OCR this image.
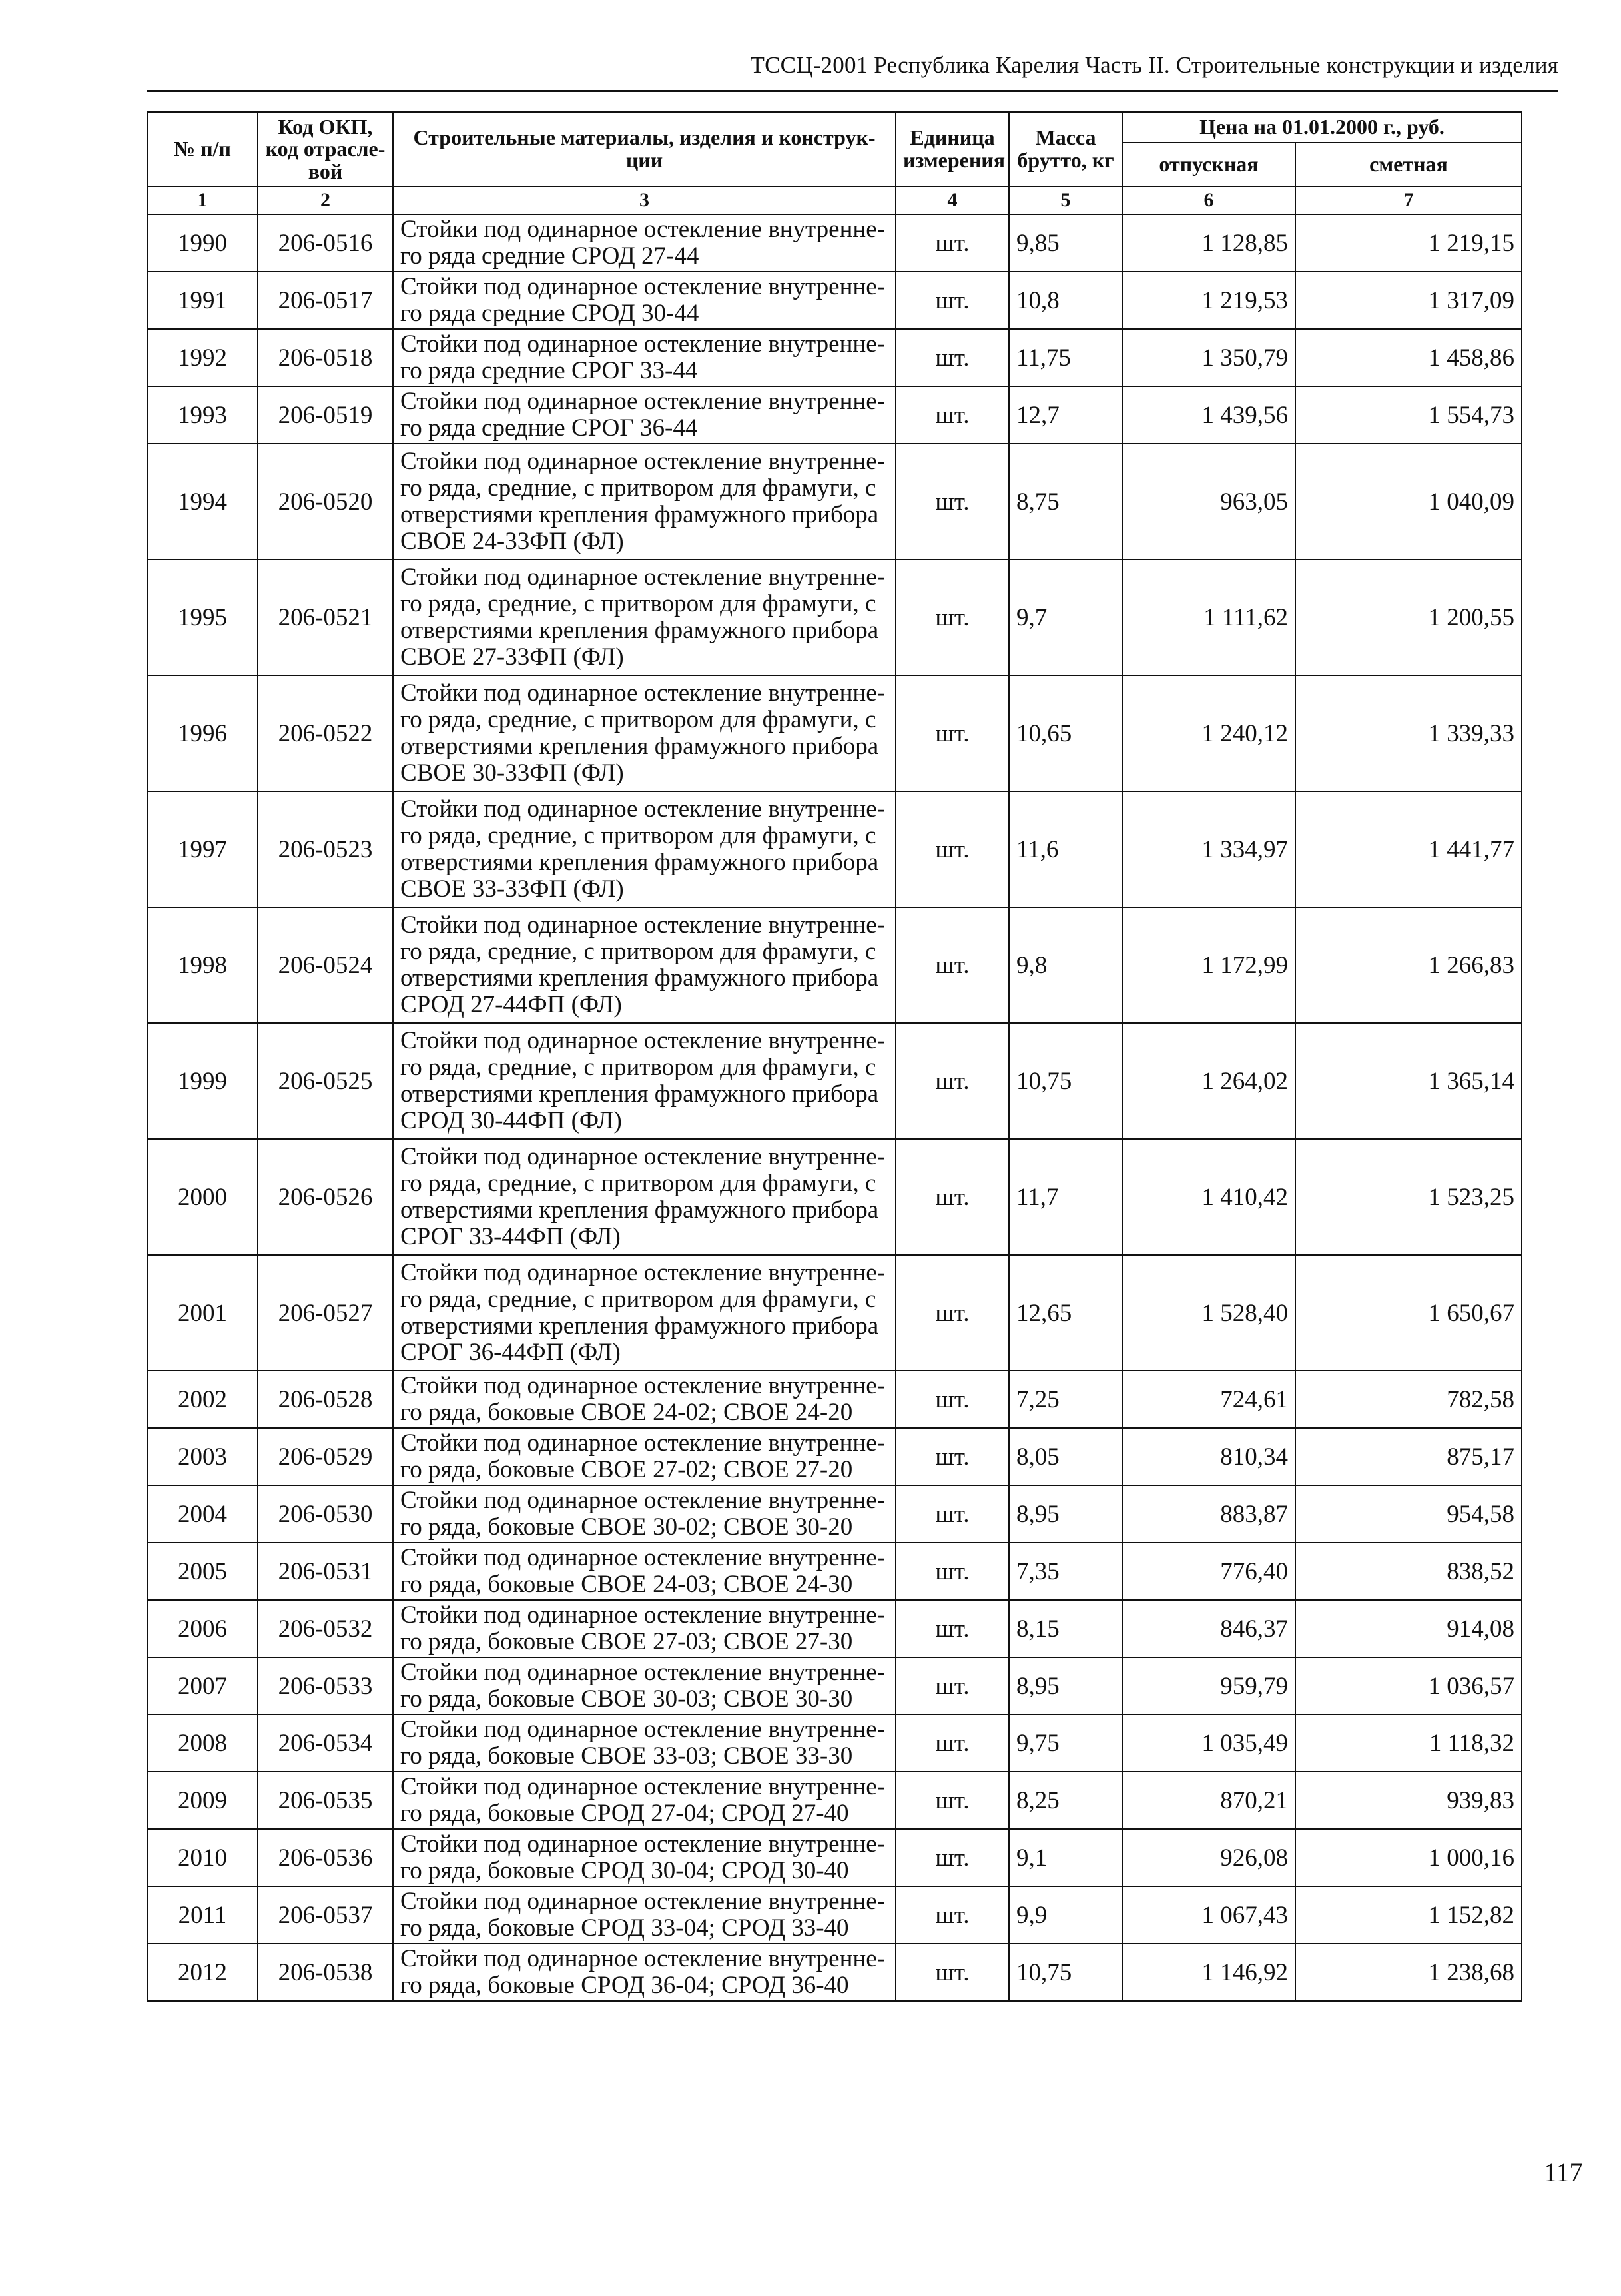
ТССЦ-2001 Республика Карелия Часть II. Строительные конструкции и изделия
№ п/п	Код ОКП, код отрасле-вой	Строительные материалы, изделия и конструк-ции	Единица измерения	Масса брутто, кг	Цена на 01.01.2000 г., руб.	
					отпускная	сметная
1	2	3	4	5	6	7
1990	206-0516	Стойки под одинарное остекление внутренне-го ряда средние СРОД 27-44	шт.	9,85	1 128,85	1 219,15
1991	206-0517	Стойки под одинарное остекление внутренне-го ряда средние СРОД 30-44	шт.	10,8	1 219,53	1 317,09
1992	206-0518	Стойки под одинарное остекление внутренне-го ряда средние СРОГ 33-44	шт.	11,75	1 350,79	1 458,86
1993	206-0519	Стойки под одинарное остекление внутренне-го ряда средние СРОГ 36-44	шт.	12,7	1 439,56	1 554,73
1994	206-0520	Стойки под одинарное остекление внутренне-го ряда, средние, с притвором для фрамуги, с отверстиями крепления фрамужного прибора СВОЕ 24-33ФП (ФЛ)	шт.	8,75	963,05	1 040,09
1995	206-0521	Стойки под одинарное остекление внутренне-го ряда, средние, с притвором для фрамуги, с отверстиями крепления фрамужного прибора СВОЕ 27-33ФП (ФЛ)	шт.	9,7	1 111,62	1 200,55
1996	206-0522	Стойки под одинарное остекление внутренне-го ряда, средние, с притвором для фрамуги, с отверстиями крепления фрамужного прибора СВОЕ 30-33ФП (ФЛ)	шт.	10,65	1 240,12	1 339,33
1997	206-0523	Стойки под одинарное остекление внутренне-го ряда, средние, с притвором для фрамуги, с отверстиями крепления фрамужного прибора СВОЕ 33-33ФП (ФЛ)	шт.	11,6	1 334,97	1 441,77
1998	206-0524	Стойки под одинарное остекление внутренне-го ряда, средние, с притвором для фрамуги, с отверстиями крепления фрамужного прибора СРОД 27-44ФП (ФЛ)	шт.	9,8	1 172,99	1 266,83
1999	206-0525	Стойки под одинарное остекление внутренне-го ряда, средние, с притвором для фрамуги, с отверстиями крепления фрамужного прибора СРОД 30-44ФП (ФЛ)	шт.	10,75	1 264,02	1 365,14
2000	206-0526	Стойки под одинарное остекление внутренне-го ряда, средние, с притвором для фрамуги, с отверстиями крепления фрамужного прибора СРОГ 33-44ФП (ФЛ)	шт.	11,7	1 410,42	1 523,25
2001	206-0527	Стойки под одинарное остекление внутренне-го ряда, средние, с притвором для фрамуги, с отверстиями крепления фрамужного прибора СРОГ 36-44ФП (ФЛ)	шт.	12,65	1 528,40	1 650,67
2002	206-0528	Стойки под одинарное остекление внутренне-го ряда, боковые СВОЕ 24-02; СВОЕ 24-20	шт.	7,25	724,61	782,58
2003	206-0529	Стойки под одинарное остекление внутренне-го ряда, боковые СВОЕ 27-02; СВОЕ 27-20	шт.	8,05	810,34	875,17
2004	206-0530	Стойки под одинарное остекление внутренне-го ряда, боковые СВОЕ 30-02; СВОЕ 30-20	шт.	8,95	883,87	954,58
2005	206-0531	Стойки под одинарное остекление внутренне-го ряда, боковые СВОЕ 24-03; СВОЕ 24-30	шт.	7,35	776,40	838,52
2006	206-0532	Стойки под одинарное остекление внутренне-го ряда, боковые СВОЕ 27-03; СВОЕ 27-30	шт.	8,15	846,37	914,08
2007	206-0533	Стойки под одинарное остекление внутренне-го ряда, боковые СВОЕ 30-03; СВОЕ 30-30	шт.	8,95	959,79	1 036,57
2008	206-0534	Стойки под одинарное остекление внутренне-го ряда, боковые СВОЕ 33-03; СВОЕ 33-30	шт.	9,75	1 035,49	1 118,32
2009	206-0535	Стойки под одинарное остекление внутренне-го ряда, боковые СРОД 27-04; СРОД 27-40	шт.	8,25	870,21	939,83
2010	206-0536	Стойки под одинарное остекление внутренне-го ряда, боковые СРОД 30-04; СРОД 30-40	шт.	9,1	926,08	1 000,16
2011	206-0537	Стойки под одинарное остекление внутренне-го ряда, боковые СРОД 33-04; СРОД 33-40	шт.	9,9	1 067,43	1 152,82
2012	206-0538	Стойки под одинарное остекление внутренне-го ряда, боковые СРОД 36-04; СРОД 36-40	шт.	10,75	1 146,92	1 238,68
117
